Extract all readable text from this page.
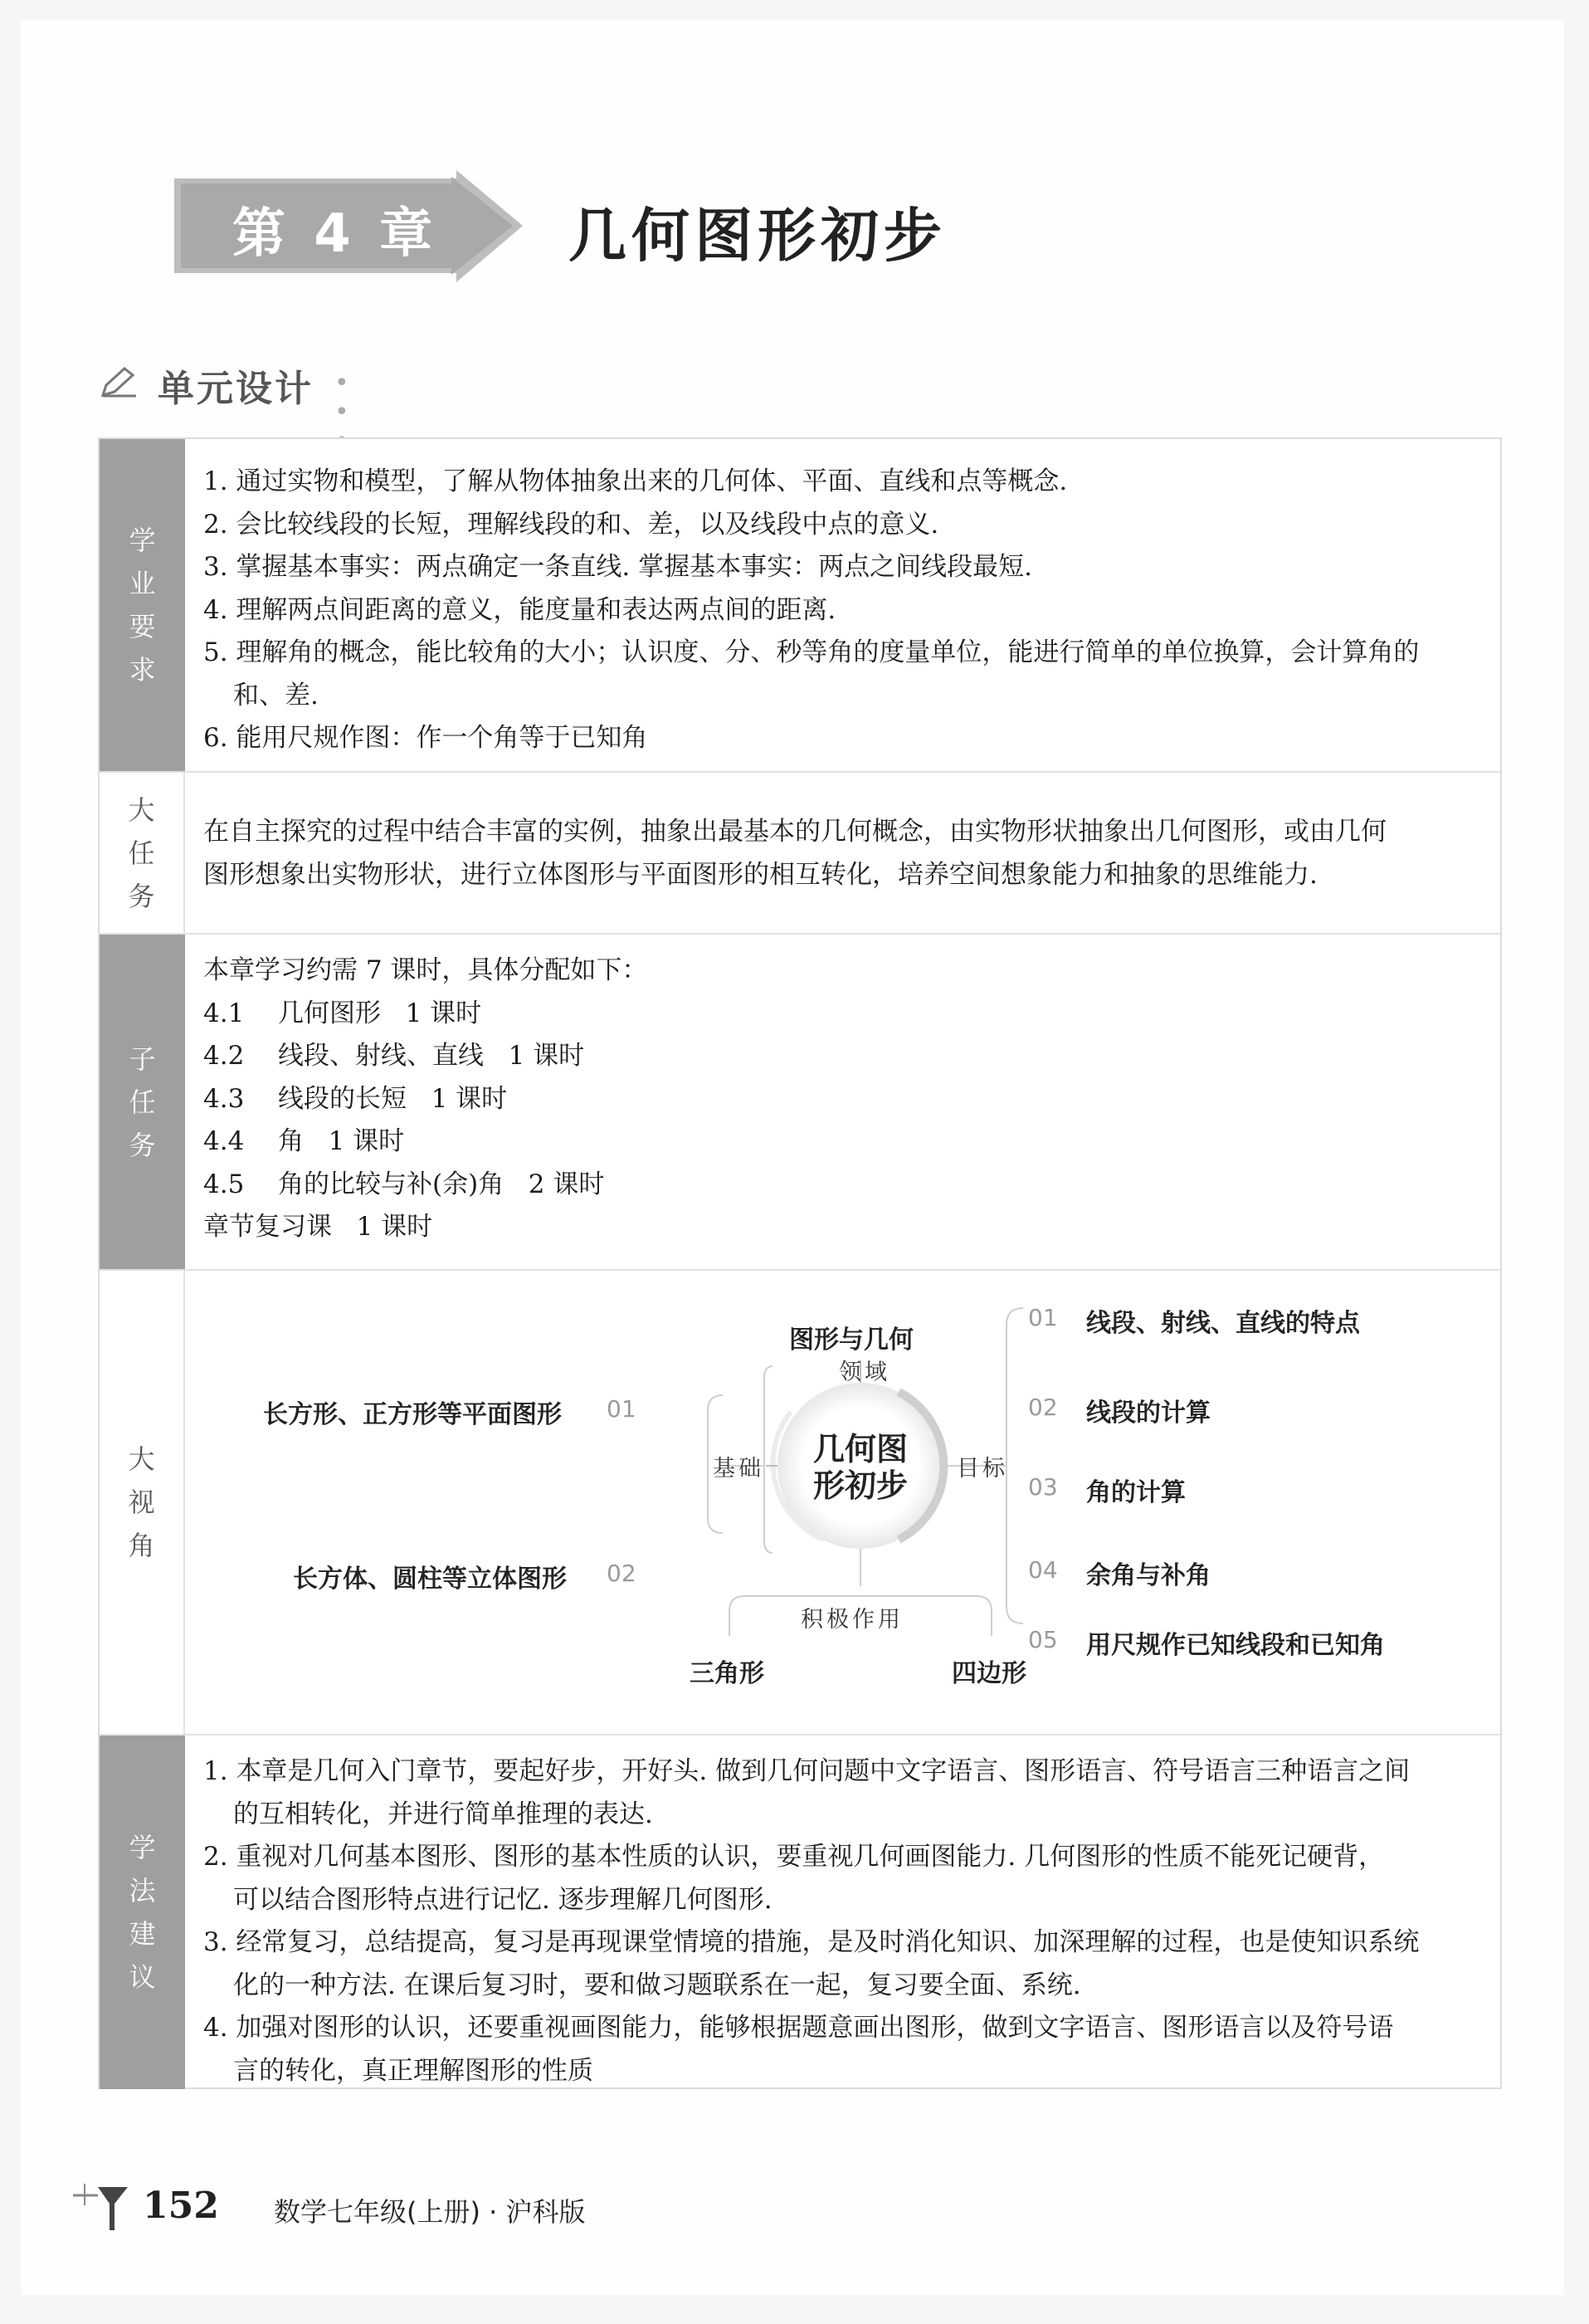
第 4 章 几何图形初步
单元设计 • •
学
业
要
求

1. 通过实物和模型，了解从物体抽象出来的几何体、平面、直线和点等概念.

2. 会比较线段的长短，理解线段的和、差，以及线段中点的意义.

3. 掌握基本事实：两点确定一条直线. 掌握基本事实：两点之间线段最短.

4. 理解两点间距离的意义，能度量和表达两点间的距离.

5. 理解角的概念，能比较角的大小；认识度、分、秒等角的度量单位，能进行简单的单位换算，会计算角的

和、差.

6. 能用尺规作图：作一个角等于已知角

大
任
务

在自主探究的过程中结合丰富的实例，抽象出最基本的几何概念，由实物形状抽象出几何图形，或由几何

图形想象出实物形状，进行立体图形与平面图形的相互转化，培养空间想象能力和抽象的思维能力.

子
任
务

本章学习约需 7 课时，具体分配如下：

4.1 几何图形 1 课时

4.2 线段、射线、直线 1 课时

4.3 线段的长短 1 课时

4.4 角 1 课时

4.5 角的比较与补(余)角 2 课时

章节复习课 1 课时

大
视
角
图形与几何
领域
几何图
形初步
基础	目标
积极作用
长方形、正方形等平面图形 01
长方体、圆柱等立体图形 02
01 线段、射线、直线的特点
02 线段的计算
03 角的计算
04 余角与补角
05 用尺规作已知线段和已知角
三角形	四边形
学
法
建
议

1. 本章是几何入门章节，要起好步，开好头. 做到几何问题中文字语言、图形语言、符号语言三种语言之间

的互相转化，并进行简单推理的表达.

2. 重视对几何基本图形、图形的基本性质的认识，要重视几何画图能力. 几何图形的性质不能死记硬背，

可以结合图形特点进行记忆. 逐步理解几何图形.

3. 经常复习，总结提高，复习是再现课堂情境的措施，是及时消化知识、加深理解的过程，也是使知识系统

化的一种方法. 在课后复习时，要和做习题联系在一起，复习要全面、系统.

4. 加强对图形的认识，还要重视画图能力，能够根据题意画出图形，做到文字语言、图形语言以及符号语

言的转化，真正理解图形的性质

152 数学七年级(上册) · 沪科版
